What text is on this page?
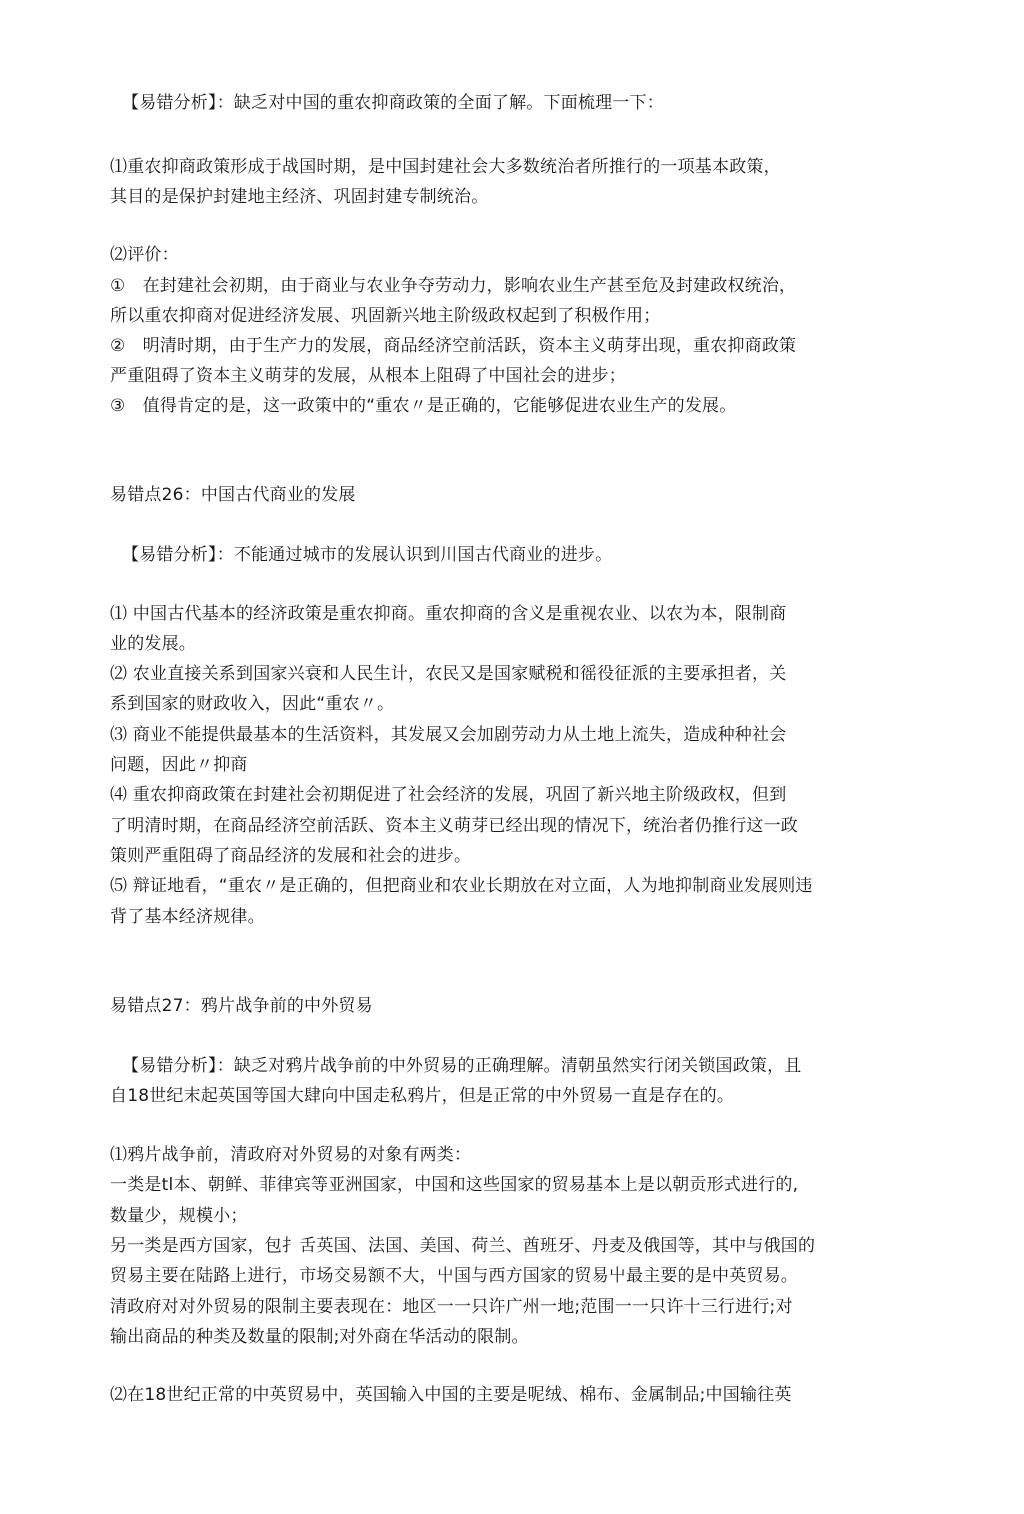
【易错分析】：缺乏对中国的重农抑商政策的全面了解。下面梳理一下：
⑴重农抑商政策形成于战国时期，是中国封建社会大多数统治者所推行的一项基本政策，
其目的是保护封建地主经济、巩固封建专制统治。
⑵评价：
①　在封建社会初期，由于商业与农业争夺劳动力，影响农业生产甚至危及封建政权统治，
所以重农抑商对促进经济发展、巩固新兴地主阶级政权起到了积极作用；
②　明清时期，由于生产力的发展，商品经济空前活跃，资本主义萌芽出现，重农抑商政策
严重阻碍了资本主义萌芽的发展，从根本上阻碍了中国社会的进步；
③　值得肯定的是，这一政策中的“重农〃是正确的，它能够促进农业生产的发展。
易错点26：中国古代商业的发展
【易错分析】：不能通过城市的发展认识到川国古代商业的进步。
⑴ 中国古代基本的经济政策是重农抑商。重农抑商的含义是重视农业、以农为本，限制商
业的发展。
⑵ 农业直接关系到国家兴衰和人民生计，农民又是国家赋税和徭役征派的主要承担者，关
系到国家的财政收入，因此“重农〃。
⑶ 商业不能提供最基本的生活资料，其发展又会加剧劳动力从土地上流失，造成种种社会
问题，因此〃抑商
⑷ 重农抑商政策在封建社会初期促进了社会经济的发展，巩固了新兴地主阶级政权，但到
了明清时期，在商品经济空前活跃、资本主义萌芽已经出现的情况下，统治者仍推行这一政
策则严重阻碍了商品经济的发展和社会的进步。
⑸ 辩证地看，“重农〃是正确的，但把商业和农业长期放在对立面，人为地抑制商业发展则违
背了基本经济规律。
易错点27：鸦片战争前的中外贸易
【易错分析】：缺乏对鸦片战争前的中外贸易的正确理解。清朝虽然实行闭关锁国政策，且
自18世纪末起英国等国大肆向中国走私鸦片，但是正常的中外贸易一直是存在的。
⑴鸦片战争前，清政府对外贸易的对象有两类：
一类是tl本、朝鲜、菲律宾等亚洲国家，中国和这些国家的贸易基本上是以朝贡形式进行的,
数量少，规模小；
另一类是西方国家，包扌舌英国、法国、美国、荷兰、酋班牙、丹麦及俄国等，其中与俄国的
贸易主要在陆路上进行，市场交易额不大，屮国与西方国家的贸易屮最主要的是中英贸易。
清政府对对外贸易的限制主要表现在：地区一一只许广州一地;范围一一只许十三行进行;对
输出商品的种类及数量的限制;对外商在华活动的限制。
⑵在18世纪正常的中英贸易中，英国输入中国的主要是呢绒、棉布、金属制品;中国输往英
